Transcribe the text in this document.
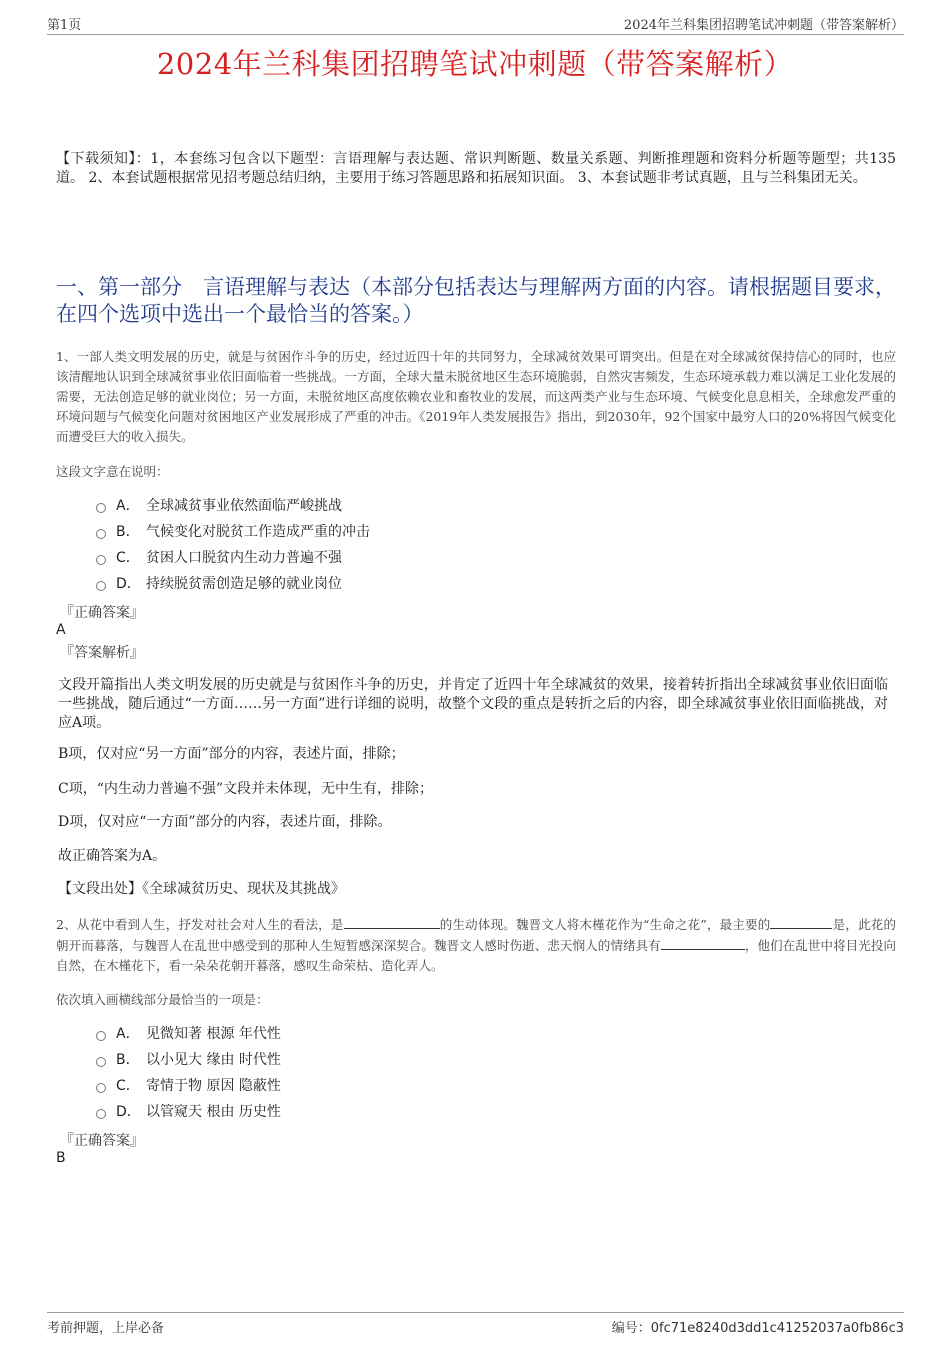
第1页	2024年兰科集团招聘笔试冲刺题（带答案解析）
2024年兰科集团招聘笔试冲刺题（带答案解析）
【下载须知】：1，本套练习包含以下题型：言语理解与表达题、常识判断题、数量关系题、判断推理题和资料分析题等题型；共135道。 2、本套试题根据常见招考题总结归纳，主要用于练习答题思路和拓展知识面。 3、本套试题非考试真题，且与兰科集团无关。
一、第一部分　言语理解与表达（本部分包括表达与理解两方面的内容。请根据题目要求，在四个选项中选出一个最恰当的答案。）
1、一部人类文明发展的历史，就是与贫困作斗争的历史，经过近四十年的共同努力，全球减贫效果可谓突出。但是在对全球减贫保持信心的同时，也应该清醒地认识到全球减贫事业依旧面临着一些挑战。一方面，全球大量未脱贫地区生态环境脆弱，自然灾害频发，生态环境承载力难以满足工业化发展的需要，无法创造足够的就业岗位；另一方面，未脱贫地区高度依赖农业和畜牧业的发展，而这两类产业与生态环境、气候变化息息相关，全球愈发严重的环境问题与气候变化问题对贫困地区产业发展形成了严重的冲击。《2019年人类发展报告》指出，到2030年，92个国家中最穷人口的20%将因气候变化而遭受巨大的收入损失。
这段文字意在说明：
A． 全球减贫事业依然面临严峻挑战
B． 气候变化对脱贫工作造成严重的冲击
C． 贫困人口脱贫内生动力普遍不强
D． 持续脱贫需创造足够的就业岗位
『正确答案』
A
『答案解析』
文段开篇指出人类文明发展的历史就是与贫困作斗争的历史，并肯定了近四十年全球减贫的效果，接着转折指出全球减贫事业依旧面临一些挑战，随后通过“一方面……另一方面”进行详细的说明，故整个文段的重点是转折之后的内容，即全球减贫事业依旧面临挑战，对应A项。
B项，仅对应“另一方面”部分的内容，表述片面，排除；
C项，“内生动力普遍不强”文段并未体现，无中生有，排除；
D项，仅对应“一方面”部分的内容，表述片面，排除。
故正确答案为A。
【文段出处】《全球减贫历史、现状及其挑战》
2、从花中看到人生，抒发对社会对人生的看法，是	的生动体现。魏晋文人将木槿花作为“生命之花”，最主要的	是，此花的朝开而暮落，与魏晋人在乱世中感受到的那种人生短暂感深深契合。魏晋文人感时伤逝、悲天悯人的情绪具有	，他们在乱世中将目光投向自然，在木槿花下，看一朵朵花朝开暮落，感叹生命荣枯、造化弄人。
依次填入画横线部分最恰当的一项是：
A． 见微知著 根源 年代性
B． 以小见大 缘由 时代性
C． 寄情于物 原因 隐蔽性
D． 以管窥天 根由 历史性
『正确答案』
B
考前押题，上岸必备	编号：0fc71e8240d3dd1c41252037a0fb86c3
